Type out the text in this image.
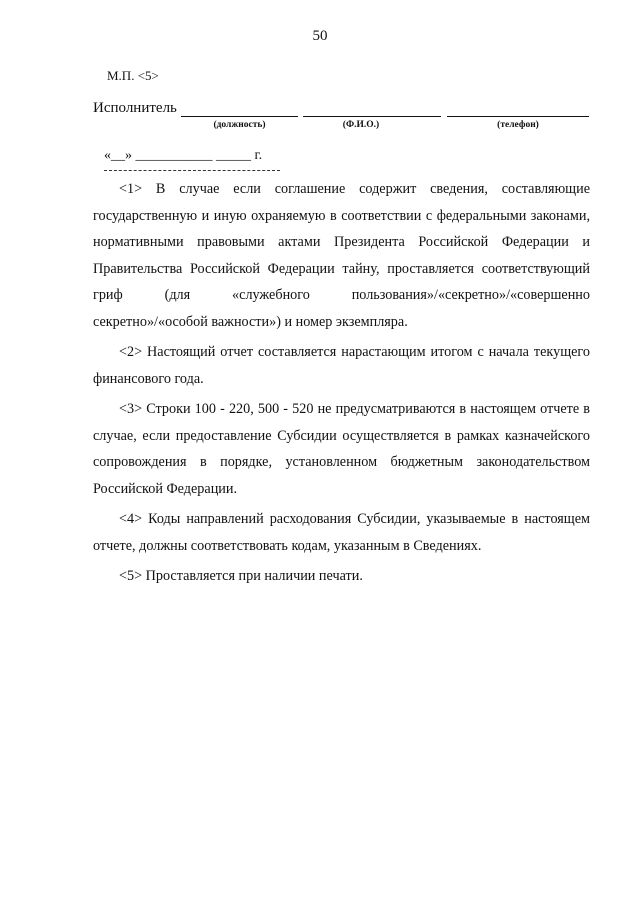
50
М.П. <5>
Исполнитель
(должность)	(Ф.И.О.)	(телефон)
«__» ___________ _____ г.

<1> В случае если соглашение содержит сведения, составляющие государственную и иную охраняемую в соответствии с федеральными законами, нормативными правовыми актами Президента Российской Федерации и Правительства Российской Федерации тайну, проставляется соответствующий гриф (для «служебного пользования»/«секретно»/«совершенно секретно»/«особой важности») и номер экземпляра.

<2> Настоящий отчет составляется нарастающим итогом с начала текущего финансового года.

<3> Строки 100 - 220, 500 - 520 не предусматриваются в настоящем отчете в случае, если предоставление Субсидии осуществляется в рамках казначейского сопровождения в порядке, установленном бюджетным законодательством Российской Федерации.

<4> Коды направлений расходования Субсидии, указываемые в настоящем отчете, должны соответствовать кодам, указанным в Сведениях.

<5> Проставляется при наличии печати.
